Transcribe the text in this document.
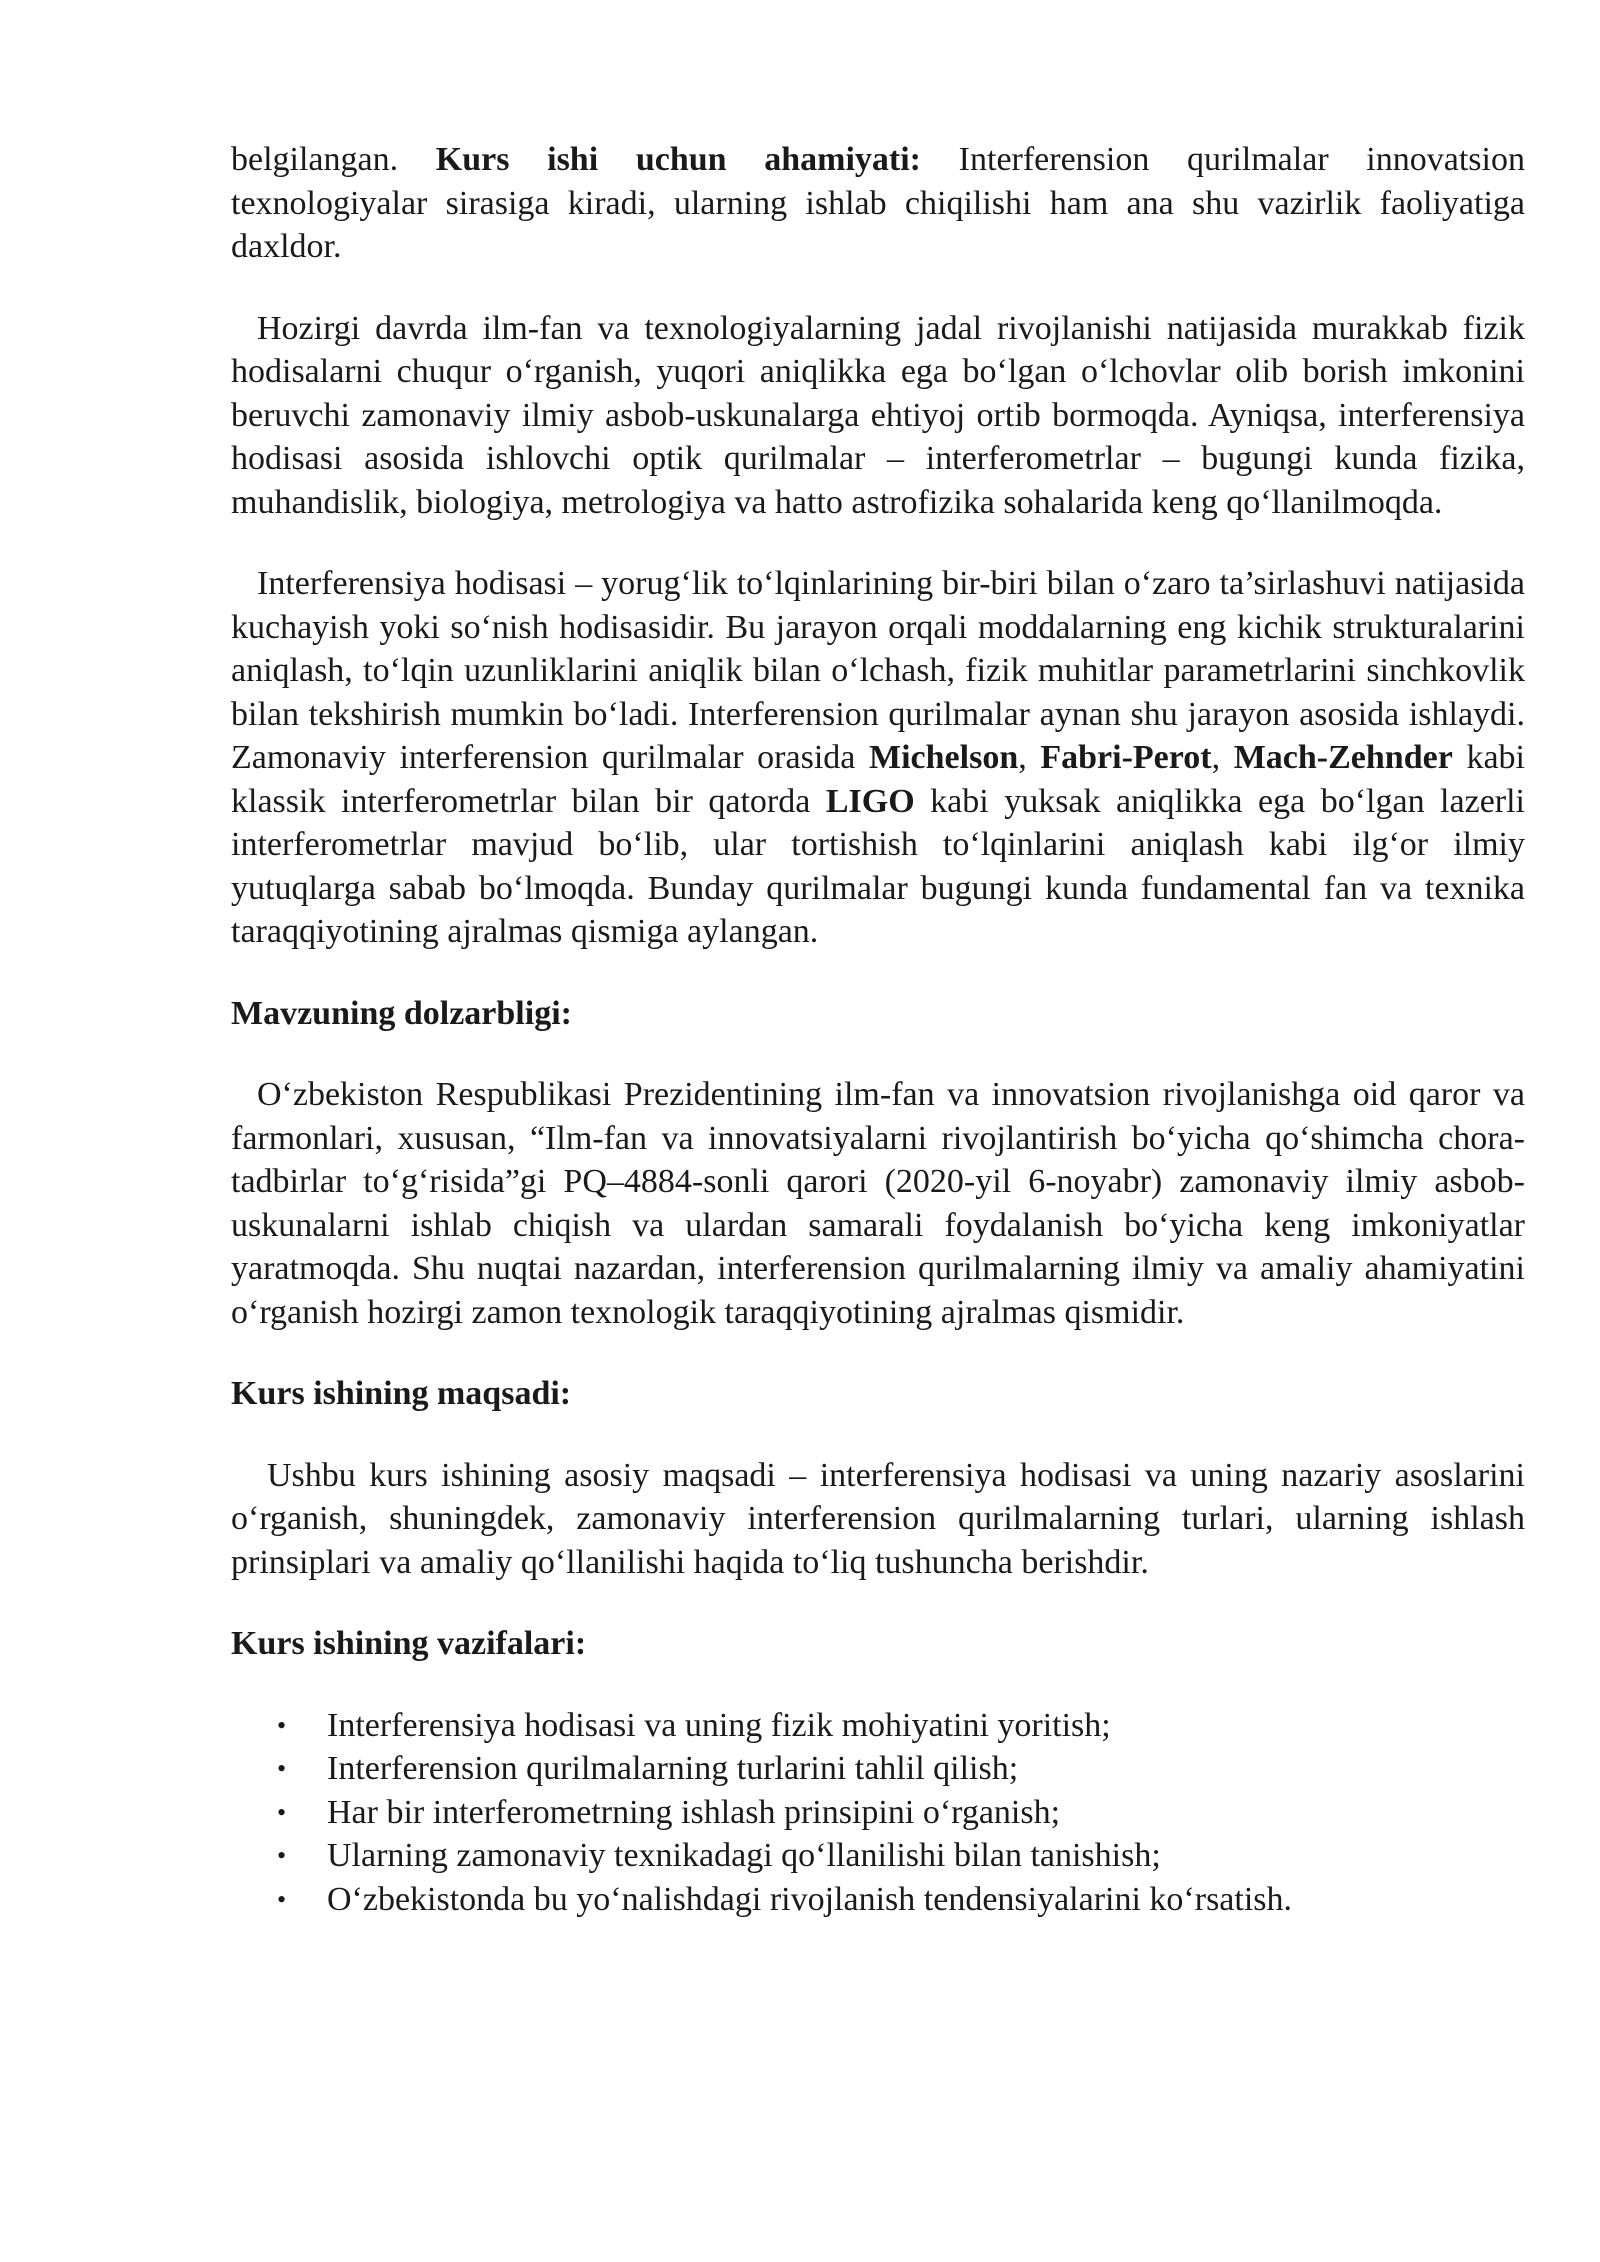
belgilangan. Kurs ishi uchun ahamiyati: Interferension qurilmalar innovatsion texnologiyalar sirasiga kiradi, ularning ishlab chiqilishi ham ana shu vazirlik faoliyatiga daxldor.

Hozirgi davrda ilm-fan va texnologiyalarning jadal rivojlanishi natijasida murakkab fizik hodisalarni chuqur o‘rganish, yuqori aniqlikka ega bo‘lgan o‘lchovlar olib borish imkonini beruvchi zamonaviy ilmiy asbob-uskunalarga ehtiyoj ortib bormoqda. Ayniqsa, interferensiya hodisasi asosida ishlovchi optik qurilmalar – interferometrlar – bugungi kunda fizika, muhandislik, biologiya, metrologiya va hatto astrofizika sohalarida keng qo‘llanilmoqda.

Interferensiya hodisasi – yorug‘lik to‘lqinlarining bir-biri bilan o‘zaro ta’sirlashuvi natijasida kuchayish yoki so‘nish hodisasidir. Bu jarayon orqali moddalarning eng kichik strukturalarini aniqlash, to‘lqin uzunliklarini aniqlik bilan o‘lchash, fizik muhitlar parametrlarini sinchkovlik bilan tekshirish mumkin bo‘ladi. Interferension qurilmalar aynan shu jarayon asosida ishlaydi. Zamonaviy interferension qurilmalar orasida Michelson, Fabri-Perot, Mach-Zehnder kabi klassik interferometrlar bilan bir qatorda LIGO kabi yuksak aniqlikka ega bo‘lgan lazerli interferometrlar mavjud bo‘lib, ular tortishish to‘lqinlarini aniqlash kabi ilg‘or ilmiy yutuqlarga sabab bo‘lmoqda. Bunday qurilmalar bugungi kunda fundamental fan va texnika taraqqiyotining ajralmas qismiga aylangan.

Mavzuning dolzarbligi:

O‘zbekiston Respublikasi Prezidentining ilm-fan va innovatsion rivojlanishga oid qaror va farmonlari, xususan, “Ilm-fan va innovatsiyalarni rivojlantirish bo‘yicha qo‘shimcha chora-tadbirlar to‘g‘risida”gi PQ–4884-sonli qarori (2020-yil 6-noyabr) zamonaviy ilmiy asbob-uskunalarni ishlab chiqish va ulardan samarali foydalanish bo‘yicha keng imkoniyatlar yaratmoqda. Shu nuqtai nazardan, interferension qurilmalarning ilmiy va amaliy ahamiyatini o‘rganish hozirgi zamon texnologik taraqqiyotining ajralmas qismidir.

Kurs ishining maqsadi:

Ushbu kurs ishining asosiy maqsadi – interferensiya hodisasi va uning nazariy asoslarini o‘rganish, shuningdek, zamonaviy interferension qurilmalarning turlari, ularning ishlash prinsiplari va amaliy qo‘llanilishi haqida to‘liq tushuncha berishdir.

Kurs ishining vazifalari:
• Interferensiya hodisasi va uning fizik mohiyatini yoritish;
• Interferension qurilmalarning turlarini tahlil qilish;
• Har bir interferometrning ishlash prinsipini o‘rganish;
• Ularning zamonaviy texnikadagi qo‘llanilishi bilan tanishish;
• O‘zbekistonda bu yo‘nalishdagi rivojlanish tendensiyalarini ko‘rsatish.
